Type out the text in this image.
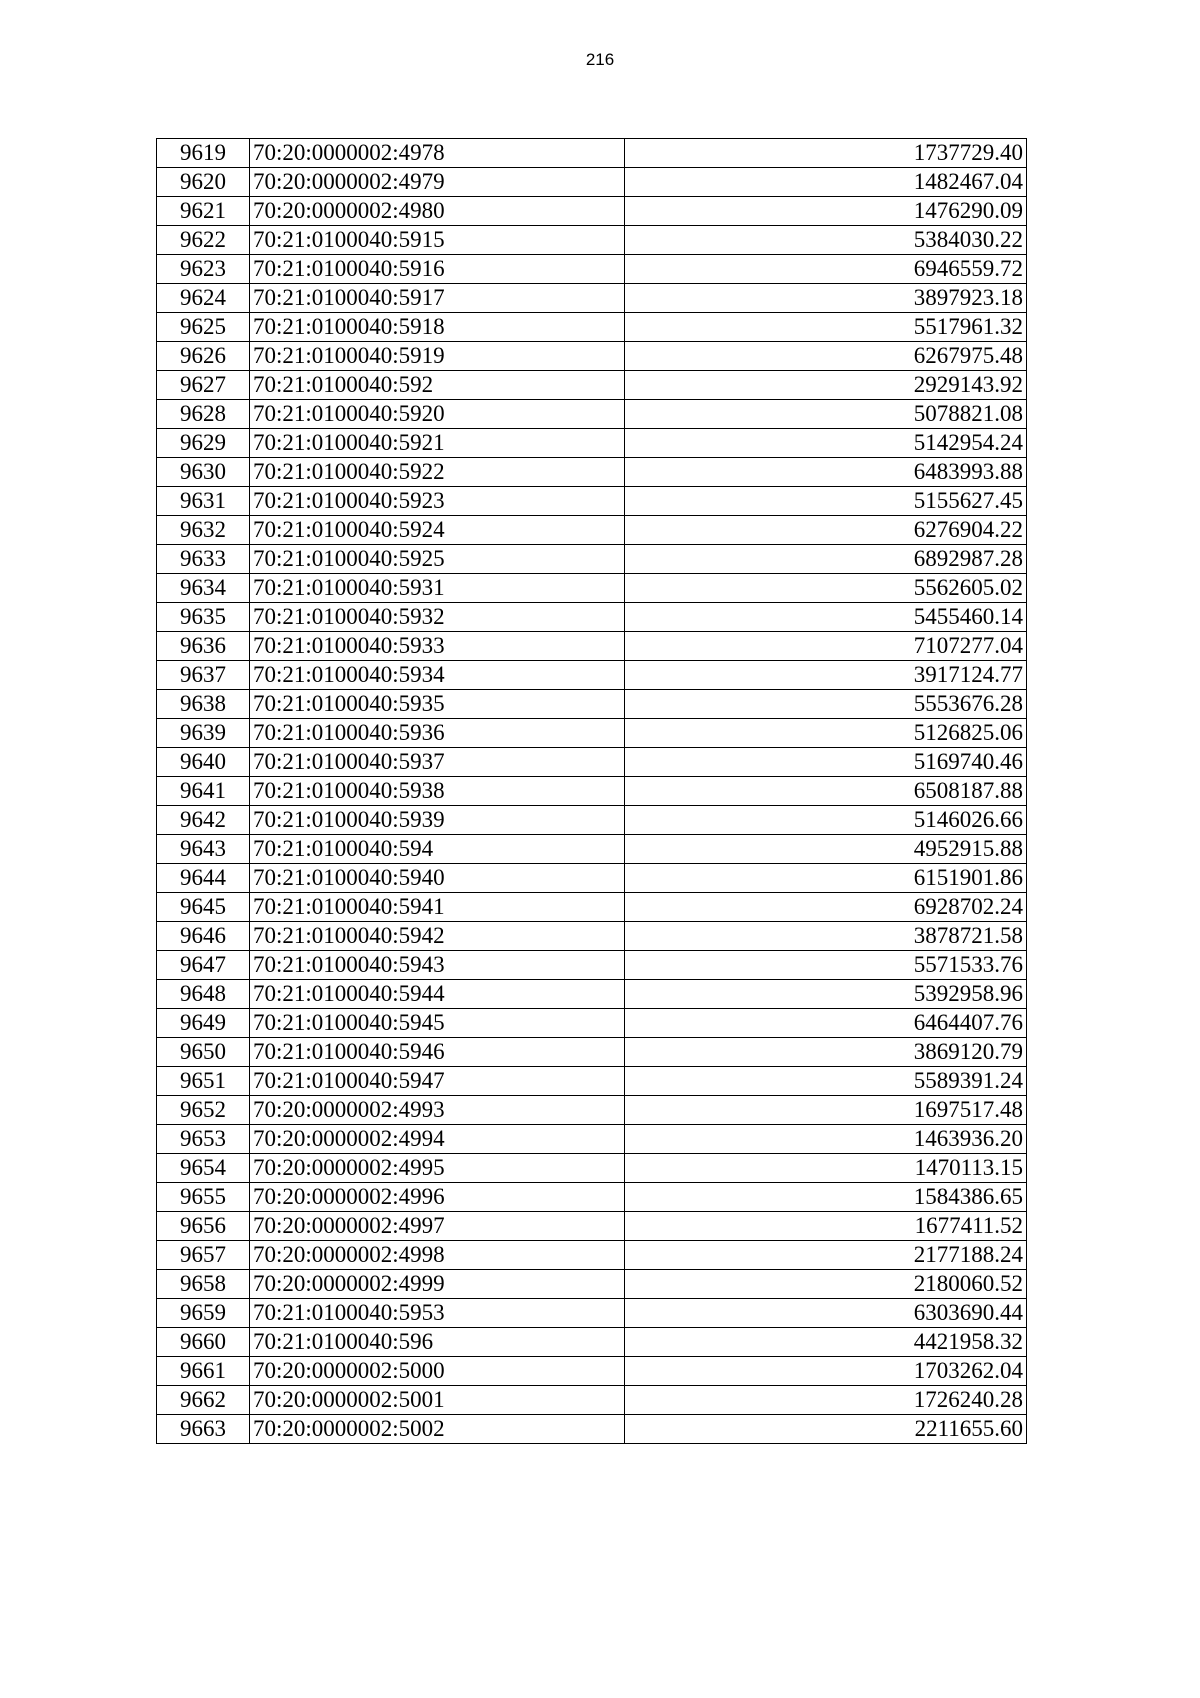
216
9619	70:20:0000002:4978	1737729.40
9620	70:20:0000002:4979	1482467.04
9621	70:20:0000002:4980	1476290.09
9622	70:21:0100040:5915	5384030.22
9623	70:21:0100040:5916	6946559.72
9624	70:21:0100040:5917	3897923.18
9625	70:21:0100040:5918	5517961.32
9626	70:21:0100040:5919	6267975.48
9627	70:21:0100040:592	2929143.92
9628	70:21:0100040:5920	5078821.08
9629	70:21:0100040:5921	5142954.24
9630	70:21:0100040:5922	6483993.88
9631	70:21:0100040:5923	5155627.45
9632	70:21:0100040:5924	6276904.22
9633	70:21:0100040:5925	6892987.28
9634	70:21:0100040:5931	5562605.02
9635	70:21:0100040:5932	5455460.14
9636	70:21:0100040:5933	7107277.04
9637	70:21:0100040:5934	3917124.77
9638	70:21:0100040:5935	5553676.28
9639	70:21:0100040:5936	5126825.06
9640	70:21:0100040:5937	5169740.46
9641	70:21:0100040:5938	6508187.88
9642	70:21:0100040:5939	5146026.66
9643	70:21:0100040:594	4952915.88
9644	70:21:0100040:5940	6151901.86
9645	70:21:0100040:5941	6928702.24
9646	70:21:0100040:5942	3878721.58
9647	70:21:0100040:5943	5571533.76
9648	70:21:0100040:5944	5392958.96
9649	70:21:0100040:5945	6464407.76
9650	70:21:0100040:5946	3869120.79
9651	70:21:0100040:5947	5589391.24
9652	70:20:0000002:4993	1697517.48
9653	70:20:0000002:4994	1463936.20
9654	70:20:0000002:4995	1470113.15
9655	70:20:0000002:4996	1584386.65
9656	70:20:0000002:4997	1677411.52
9657	70:20:0000002:4998	2177188.24
9658	70:20:0000002:4999	2180060.52
9659	70:21:0100040:5953	6303690.44
9660	70:21:0100040:596	4421958.32
9661	70:20:0000002:5000	1703262.04
9662	70:20:0000002:5001	1726240.28
9663	70:20:0000002:5002	2211655.60
